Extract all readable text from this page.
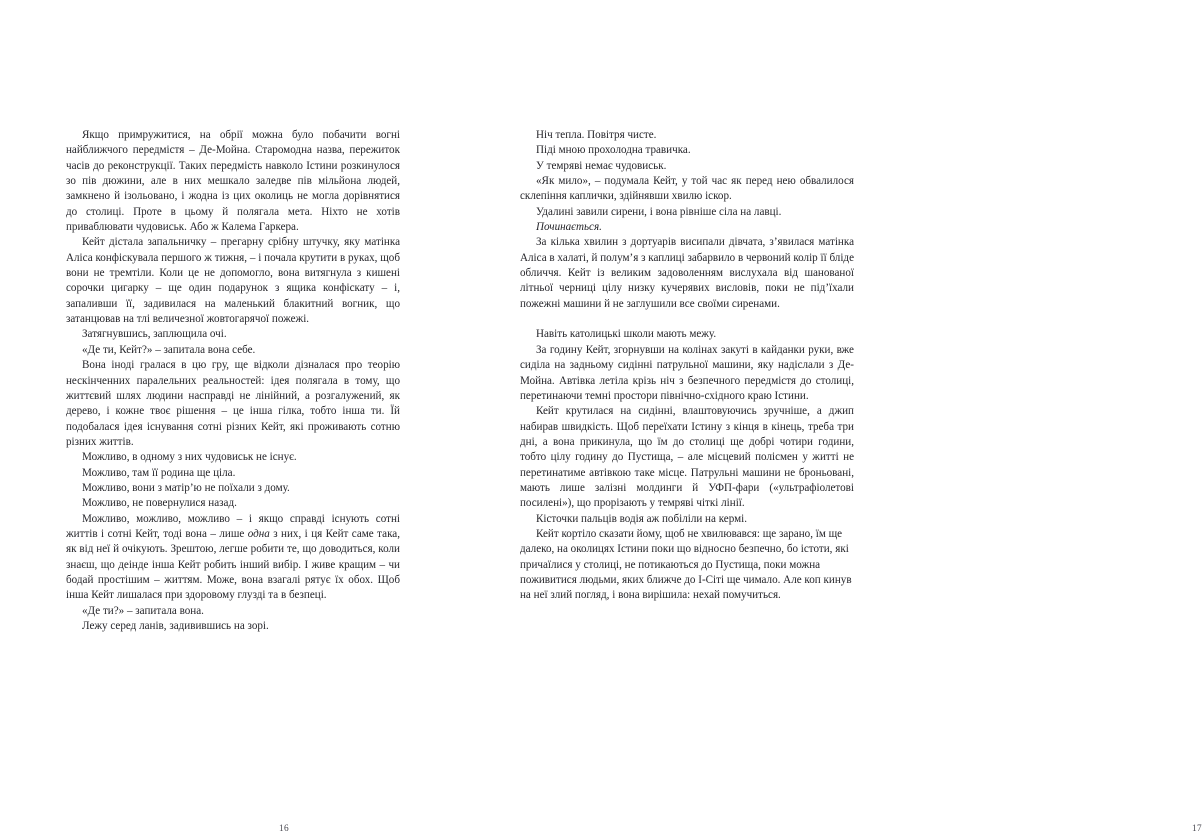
Якщо примружитися, на обрії можна було побачити вогні найближчого передмістя – Де-Мойна. Старомодна назва, пережиток часів до реконструкції. Таких передмість навколо Істини розкинулося зо пів дюжини, але в них мешкало заледве пів мільйона людей, замкнено й ізольовано, і жодна із цих околиць не могла дорівнятися до столиці. Проте в цьому й полягала мета. Ніхто не хотів приваблювати чудовиськ. Або ж Калема Гаркера.

Кейт дістала запальничку – прегарну срібну штучку, яку матінка Аліса конфіскувала першого ж тижня, – і почала крутити в руках, щоб вони не тремтіли. Коли це не допомогло, вона витягнула з кишені сорочки цигарку – ще один подарунок з ящика конфіскату – і, запаливши її, задивилася на маленький блакитний вогник, що затанцював на тлі величезної жовтогарячої пожежі.

Затягнувшись, заплющила очі.

«Де ти, Кейт?» – запитала вона себе.

Вона іноді гралася в цю гру, ще відколи дізналася про теорію нескінченних паралельних реальностей: ідея полягала в тому, що життєвий шлях людини насправді не лінійний, а розгалужений, як дерево, і кожне твоє рішення – це інша гілка, тобто інша ти. Їй подобалася ідея існування сотні різних Кейт, які проживають сотню різних життів.

Можливо, в одному з них чудовиськ не існує.

Можливо, там її родина ще ціла.

Можливо, вони з матір’ю не поїхали з дому.

Можливо, не повернулися назад.

Можливо, можливо, можливо – і якщо справді існують сотні життів і сотні Кейт, тоді вона – лише одна з них, і ця Кейт саме така, як від неї й очікують. Зрештою, легше робити те, що доводиться, коли знаєш, що деінде інша Кейт робить інший вибір. І живе кращим – чи бодай простішим – життям. Може, вона взагалі рятує їх обох. Щоб інша Кейт лишалася при здоровому глузді та в безпеці.

«Де ти?» – запитала вона.

Лежу серед ланів, задивившись на зорі.

16

Ніч тепла. Повітря чисте.

Піді мною прохолодна травичка.

У темряві немає чудовиськ.

«Як мило», – подумала Кейт, у той час як перед нею обвалилося склепіння каплички, здійнявши хвилю іскор.

Удалині завили сирени, і вона рівніше сіла на лавці.

Починається.

За кілька хвилин з дортуарів висипали дівчата, з’явилася матінка Аліса в халаті, й полум’я з каплиці забарвило в червоний колір її бліде обличчя. Кейт із великим задоволенням вислухала від шанованої літньої черниці цілу низку кучерявих висловів, поки не під’їхали пожежні машини й не заглушили все своїми сиренами.

Навіть католицькі школи мають межу.

За годину Кейт, згорнувши на колінах закуті в кайданки руки, вже сиділа на задньому сидінні патрульної машини, яку надіслали з Де-Мойна. Автівка летіла крізь ніч з безпечного передмістя до столиці, перетинаючи темні простори північно-східного краю Істини.

Кейт крутилася на сидінні, влаштовуючись зручніше, а джип набирав швидкість. Щоб переїхати Істину з кінця в кінець, треба три дні, а вона прикинула, що їм до столиці ще добрі чотири години, тобто цілу годину до Пустища, – але місцевий полісмен у житті не перетинатиме автівкою таке місце. Патрульні машини не броньовані, мають лише залізні молдинги й УФП-фари («ультрафіолетові посилені»), що прорізають у темряві чіткі лінії.

Кісточки пальців водія аж побіліли на кермі.

Кейт кортіло сказати йому, щоб не хвилювався: ще зарано, їм ще далеко, на околицях Істини поки що відносно безпечно, бо істоти, які причаїлися у столиці, не потикаються до Пустища, поки можна поживитися людьми, яких ближче до І-Сіті ще чимало. Але коп кинув на неї злий погляд, і вона вирішила: нехай помучиться.

17
